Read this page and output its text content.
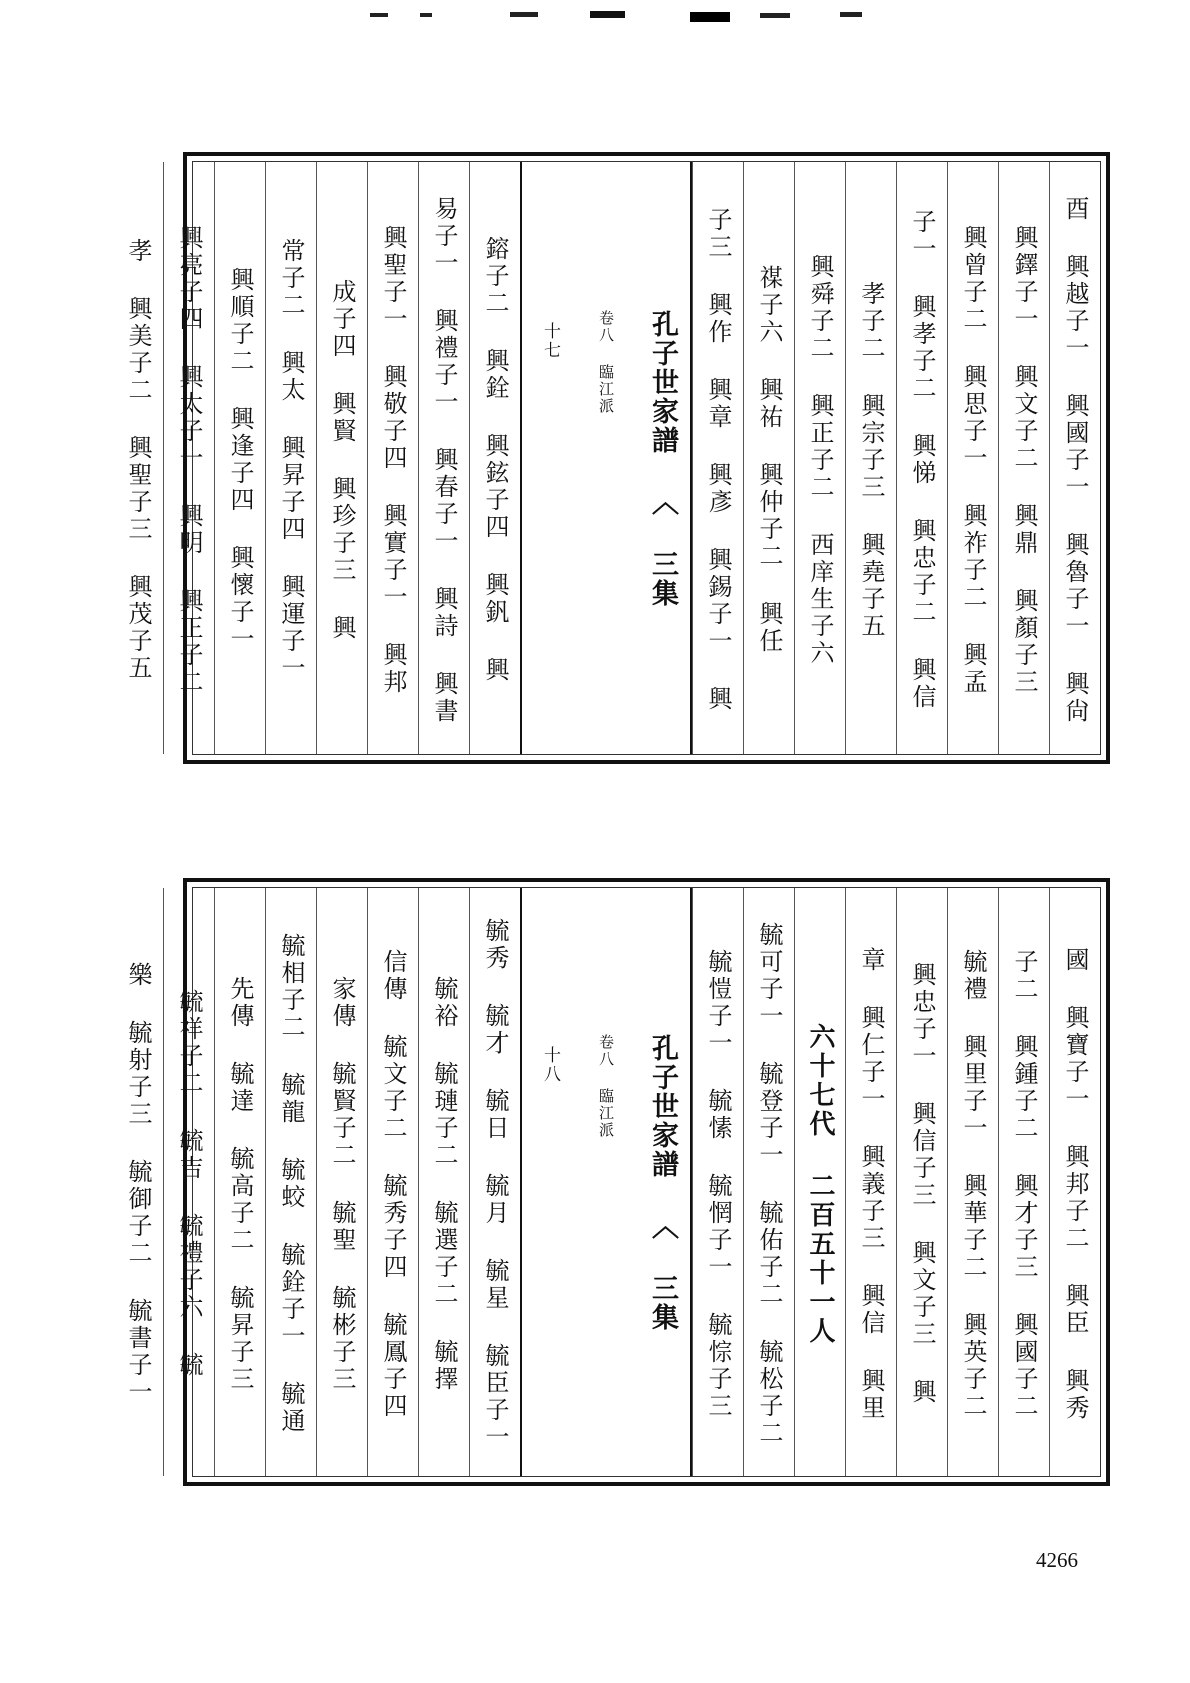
酉 興越子一 興國子一 興魯子一 興尙
興鐸子一 興文子二 興鼎 興顏子三
興曾子二 興思子一 興祚子二 興孟
子一 興孝子二 興悌 興忠子二 興信
孝子二 興宗子三 興堯子五
興舜子二 興正子二 西庠生子六
禖子六 興祐 興仲子二 興任
子三 興作 興章 興彥 興錫子一 興
孔子世家譜 ︿ 三集
卷八 臨江派
十七
鎔子二 興銓 興鉉子四 興釩 興
易子一 興禮子一 興春子一 興詩 興書
興聖子一 興敬子四 興實子一 興邦
成子四 興賢 興珍子三 興
常子二 興太 興昇子四 興運子一
興順子二 興逢子四 興懷子一
興亮子四 興太子一 興明 興正子二
孝 興美子二 興聖子三 興茂子五
國 興寶子一 興邦子二 興臣 興秀
子二 興鍾子二 興才子三 興國子二
毓禮 興里子一 興華子二 興英子二
興忠子一 興信子三 興文子三 興
章 興仁子一 興義子三 興信 興里
六十七代 二百五十一人
毓可子一 毓登子一 毓佑子二 毓松子二
毓愷子一 毓愫 毓惘子一 毓悰子三
孔子世家譜 ︿ 三集
卷八 臨江派
十八
毓秀 毓才 毓日 毓月 毓星 毓臣子一
毓裕 毓璉子二 毓選子二 毓擇
信傳 毓文子二 毓秀子四 毓鳳子四
家傳 毓賢子二 毓聖 毓彬子三
毓相子二 毓龍 毓蛟 毓銓子一 毓通
先傳 毓達 毓高子二 毓昇子三
毓祥子二 毓吉 毓禮子六 毓
樂 毓射子三 毓御子二 毓書子一
4266
